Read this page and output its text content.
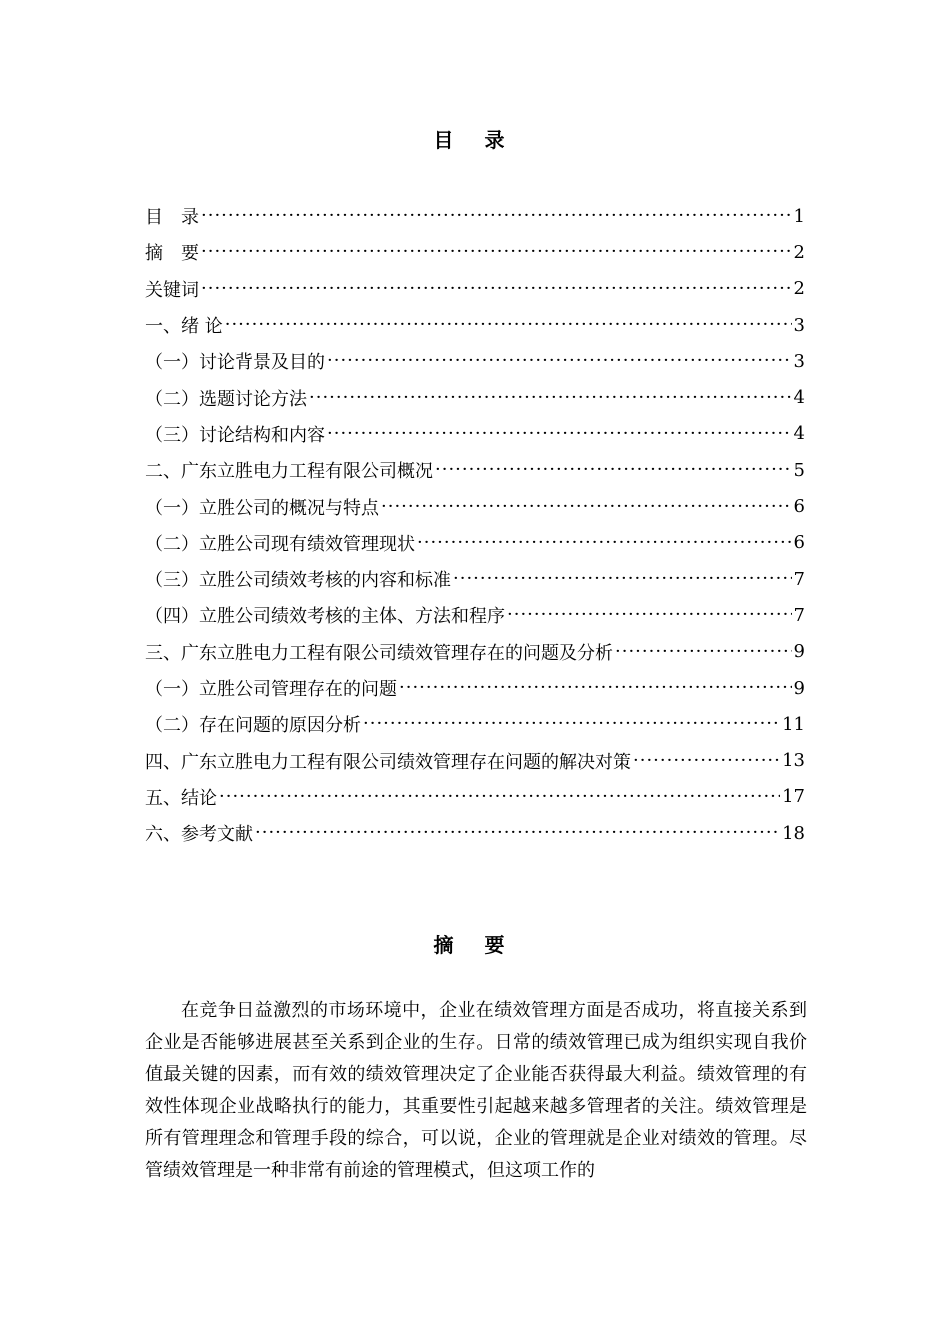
目 录
目　录 ·····	1
摘　要 ·····	2
关键词 ·····	2
一、绪 论 ·····	3
（一）讨论背景及目的 ·····	3
（二）选题讨论方法 ·····	4
（三）讨论结构和内容 ·····	4
二、广东立胜电力工程有限公司概况 ·····	5
（一）立胜公司的概况与特点 ·····	6
（二）立胜公司现有绩效管理现状 ·····	6
（三）立胜公司绩效考核的内容和标准 ·····	7
（四）立胜公司绩效考核的主体、方法和程序 ·····	7
三、广东立胜电力工程有限公司绩效管理存在的问题及分析 ·····	9
（一）立胜公司管理存在的问题 ·····	9
（二）存在问题的原因分析 ·····	11
四、广东立胜电力工程有限公司绩效管理存在问题的解决对策 ·····	13
五、结论 ·····	17
六、参考文献 ·····	18
摘 要

在竞争日益激烈的市场环境中，企业在绩效管理方面是否成功，将直接关系到企业是否能够进展甚至关系到企业的生存。日常的绩效管理已成为组织实现自我价值最关键的因素，而有效的绩效管理决定了企业能否获得最大利益。绩效管理的有效性体现企业战略执行的能力，其重要性引起越来越多管理者的关注。绩效管理是所有管理理念和管理手段的综合，可以说，企业的管理就是企业对绩效的管理。尽管绩效管理是一种非常有前途的管理模式，但这项工作的
